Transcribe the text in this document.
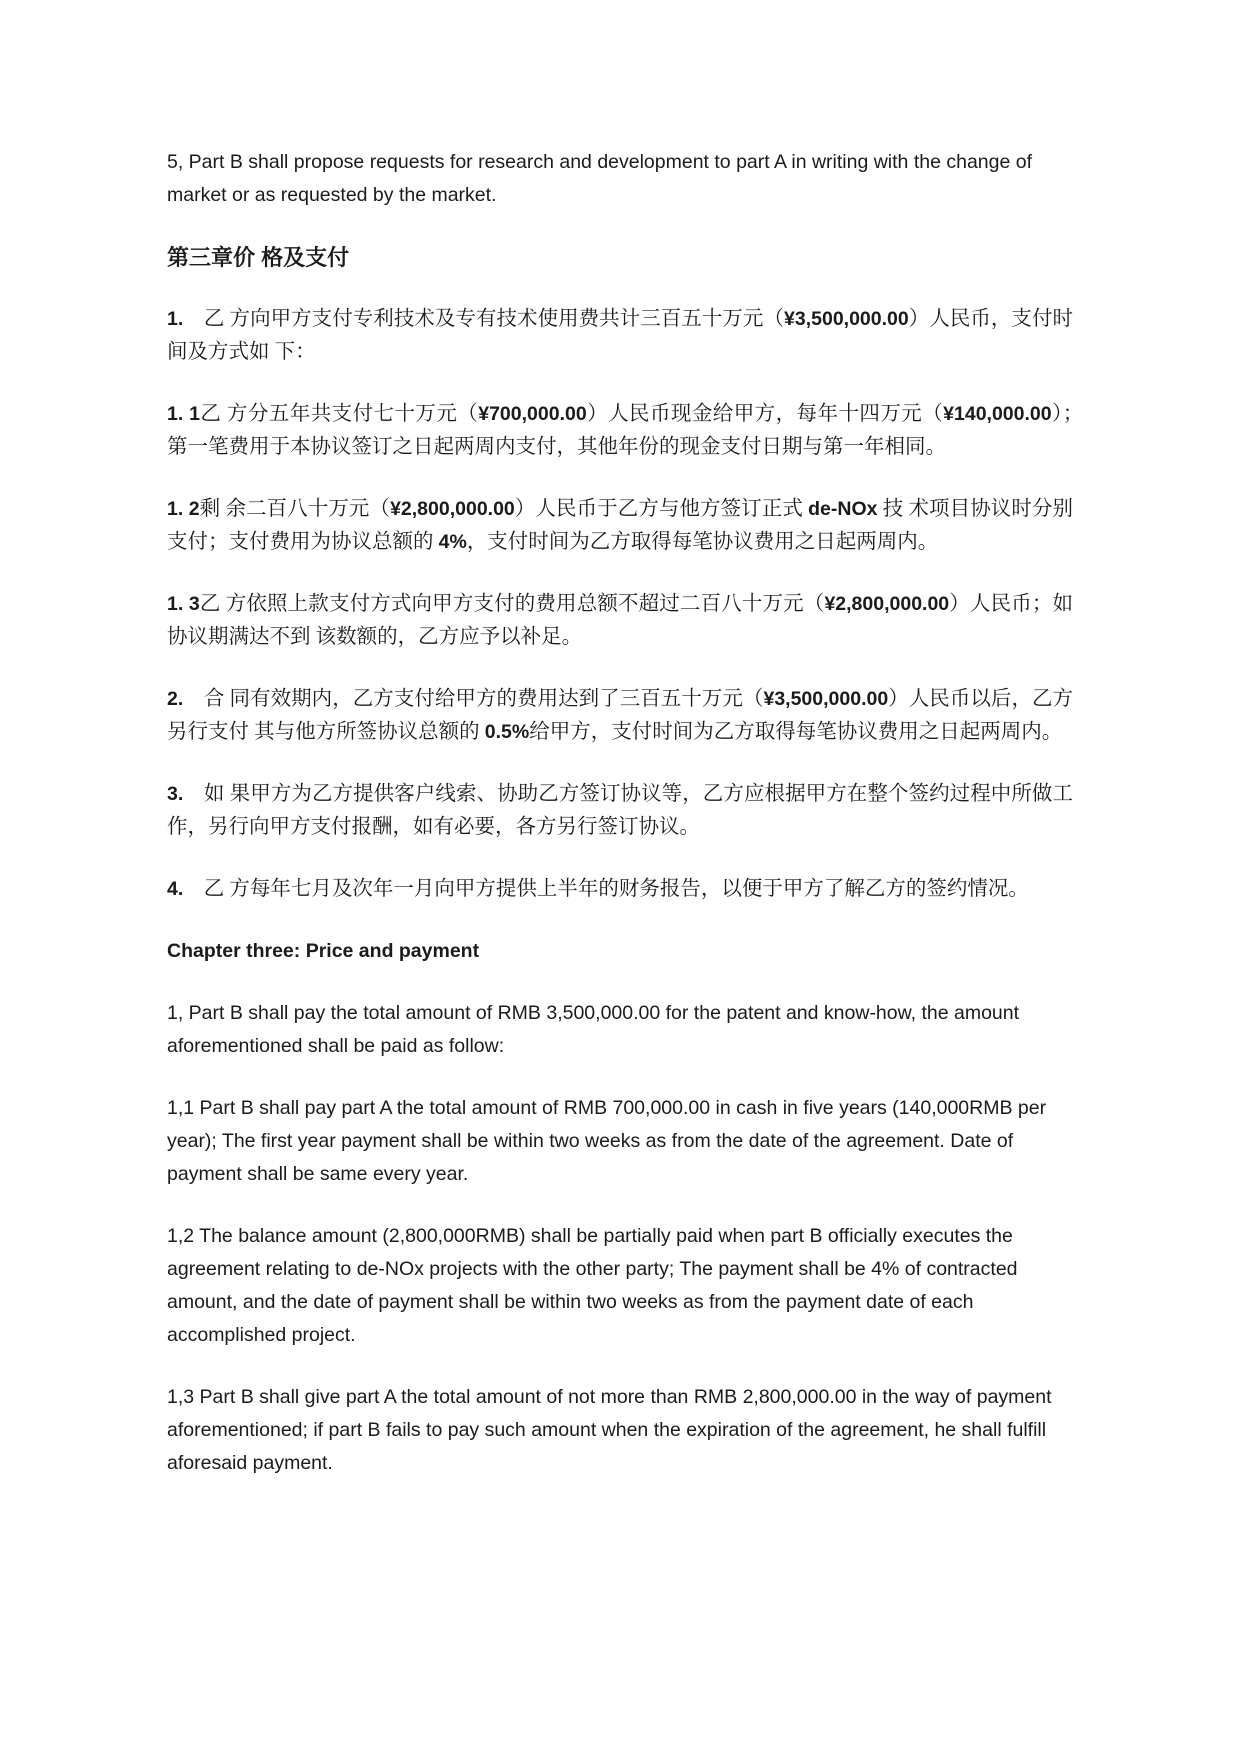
5, Part B shall propose requests for research and development to part A in writing with the change of market or as requested by the market.

第三章价 格及支付

1.　乙 方向甲方支付专利技术及专有技术使用费共计三百五十万元（¥3,500,000.00）人民币，支付时间及方式如 下：

1. 1乙 方分五年共支付七十万元（¥700,000.00）人民币现金给甲方，每年十四万元（¥140,000.00）；　第一笔费用于本协议签订之日起两周内支付，其他年份的现金支付日期与第一年相同。

1. 2剩 余二百八十万元（¥2,800,000.00）人民币于乙方与他方签订正式 de-NOx 技 术项目协议时分别支付；支付费用为协议总额的 4%，支付时间为乙方取得每笔协议费用之日起两周内。

1. 3乙 方依照上款支付方式向甲方支付的费用总额不超过二百八十万元（¥2,800,000.00）人民币；如协议期满达不到 该数额的，乙方应予以补足。

2.　合 同有效期内，乙方支付给甲方的费用达到了三百五十万元（¥3,500,000.00）人民币以后，乙方另行支付 其与他方所签协议总额的 0.5%给甲方，支付时间为乙方取得每笔协议费用之日起两周内。

3.　如 果甲方为乙方提供客户线索、协助乙方签订协议等，乙方应根据甲方在整个签约过程中所做工作，另行向甲方支付报酬，如有必要，各方另行签订协议。

4.　乙 方每年七月及次年一月向甲方提供上半年的财务报告，以便于甲方了解乙方的签约情况。

Chapter three: Price and payment

1, Part B shall pay the total amount of RMB 3,500,000.00 for the patent and know-how, the amount aforementioned shall be paid as follow:

1,1 Part B shall pay part A the total amount of RMB 700,000.00 in cash in five years (140,000RMB per year); The first year payment shall be within two weeks as from the date of the agreement. Date of payment shall be same every year.

1,2 The balance amount (2,800,000RMB) shall be partially paid when part B officially executes the agreement relating to de-NOx projects with the other party; The payment shall be 4% of contracted amount, and the date of payment shall be within two weeks as from the payment date of each accomplished project.

1,3 Part B shall give part A the total amount of not more than RMB 2,800,000.00 in the way of payment aforementioned; if part B fails to pay such amount when the expiration of the agreement, he shall fulfill aforesaid payment.
